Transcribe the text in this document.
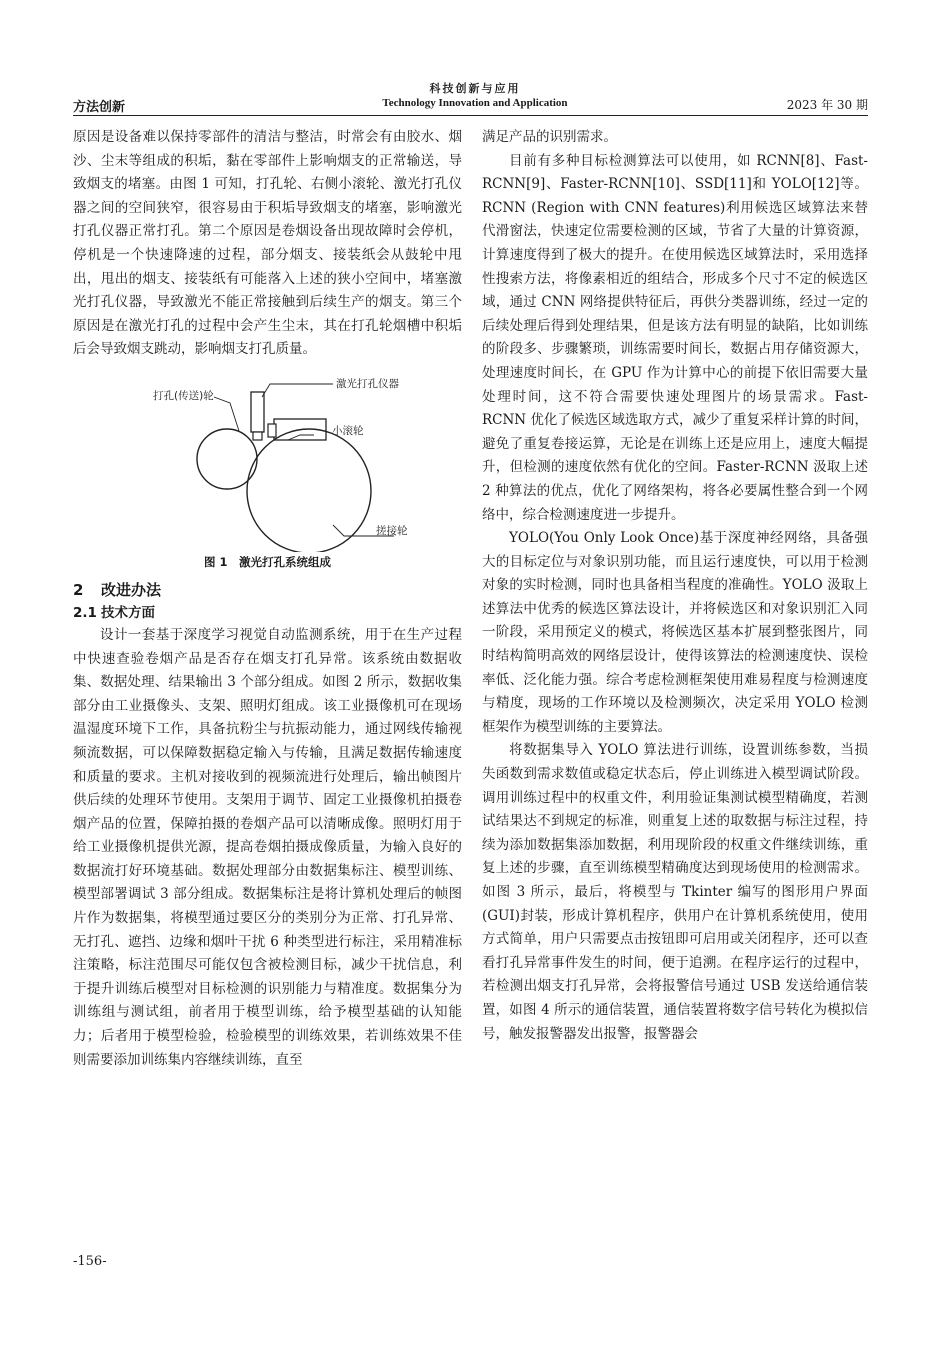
科技创新与应用
方法创新	Technology Innovation and Application	2023 年 30 期

原因是设备难以保持零部件的清洁与整洁，时常会有由胶水、烟沙、尘末等组成的积垢，黏在零部件上影响烟支的正常输送，导致烟支的堵塞。由图 1 可知，打孔轮、右侧小滚轮、激光打孔仪器之间的空间狭窄，很容易由于积垢导致烟支的堵塞，影响激光打孔仪器正常打孔。第二个原因是卷烟设备出现故障时会停机，停机是一个快速降速的过程，部分烟支、接装纸会从鼓轮中甩出，甩出的烟支、接装纸有可能落入上述的狭小空间中，堵塞激光打孔仪器，导致激光不能正常接触到后续生产的烟支。第三个原因是在激光打孔的过程中会产生尘末，其在打孔轮烟槽中积垢后会导致烟支跳动，影响烟支打孔质量。

激光打孔仪器
打孔(传送)轮
小滚轮
搓接轮
图 1　激光打孔系统组成
2 改进办法
2.1 技术方面

设计一套基于深度学习视觉自动监测系统，用于在生产过程中快速查验卷烟产品是否存在烟支打孔异常。该系统由数据收集、数据处理、结果输出 3 个部分组成。如图 2 所示，数据收集部分由工业摄像头、支架、照明灯组成。该工业摄像机可在现场温湿度环境下工作，具备抗粉尘与抗振动能力，通过网线传输视频流数据，可以保障数据稳定输入与传输，且满足数据传输速度和质量的要求。主机对接收到的视频流进行处理后，输出帧图片供后续的处理环节使用。支架用于调节、固定工业摄像机拍摄卷烟产品的位置，保障拍摄的卷烟产品可以清晰成像。照明灯用于给工业摄像机提供光源，提高卷烟拍摄成像质量，为输入良好的数据流打好环境基础。数据处理部分由数据集标注、模型训练、模型部署调试 3 部分组成。数据集标注是将计算机处理后的帧图片作为数据集，将模型通过要区分的类别分为正常、打孔异常、无打孔、遮挡、边缘和烟叶干扰 6 种类型进行标注，采用精准标注策略，标注范围尽可能仅包含被检测目标，减少干扰信息，利于提升训练后模型对目标检测的识别能力与精准度。数据集分为训练组与测试组，前者用于模型训练，给予模型基础的认知能力；后者用于模型检验，检验模型的训练效果，若训练效果不佳则需要添加训练集内容继续训练，直至

满足产品的识别需求。

目前有多种目标检测算法可以使用，如 RCNN[8]、Fast-RCNN[9]、Faster-RCNN[10]、SSD[11]和 YOLO[12]等。RCNN (Region with CNN features)利用候选区域算法来替代滑窗法，快速定位需要检测的区域，节省了大量的计算资源，计算速度得到了极大的提升。在使用候选区域算法时，采用选择性搜索方法，将像素相近的组结合，形成多个尺寸不定的候选区域，通过 CNN 网络提供特征后，再供分类器训练，经过一定的后续处理后得到处理结果，但是该方法有明显的缺陷，比如训练的阶段多、步骤繁琐，训练需要时间长，数据占用存储资源大，处理速度时间长，在 GPU 作为计算中心的前提下依旧需要大量处理时间，这不符合需要快速处理图片的场景需求。Fast-RCNN 优化了候选区域选取方式，减少了重复采样计算的时间，避免了重复卷接运算，无论是在训练上还是应用上，速度大幅提升，但检测的速度依然有优化的空间。Faster-RCNN 汲取上述 2 种算法的优点，优化了网络架构，将各必要属性整合到一个网络中，综合检测速度进一步提升。

YOLO(You Only Look Once)基于深度神经网络，具备强大的目标定位与对象识别功能，而且运行速度快，可以用于检测对象的实时检测，同时也具备相当程度的准确性。YOLO 汲取上述算法中优秀的候选区算法设计，并将候选区和对象识别汇入同一阶段，采用预定义的模式，将候选区基本扩展到整张图片，同时结构简明高效的网络层设计，使得该算法的检测速度快、误检率低、泛化能力强。综合考虑检测框架使用难易程度与检测速度与精度，现场的工作环境以及检测频次，决定采用 YOLO 检测框架作为模型训练的主要算法。

将数据集导入 YOLO 算法进行训练，设置训练参数，当损失函数到需求数值或稳定状态后，停止训练进入模型调试阶段。调用训练过程中的权重文件，利用验证集测试模型精确度，若测试结果达不到规定的标准，则重复上述的取数据与标注过程，持续为添加数据集添加数据，利用现阶段的权重文件继续训练，重复上述的步骤，直至训练模型精确度达到现场使用的检测需求。如图 3 所示，最后，将模型与 Tkinter 编写的图形用户界面(GUI)封装，形成计算机程序，供用户在计算机系统使用，使用方式简单，用户只需要点击按钮即可启用或关闭程序，还可以查看打孔异常事件发生的时间，便于追溯。在程序运行的过程中，若检测出烟支打孔异常，会将报警信号通过 USB 发送给通信装置，如图 4 所示的通信装置，通信装置将数字信号转化为模拟信号，触发报警器发出报警，报警器会

-156-
